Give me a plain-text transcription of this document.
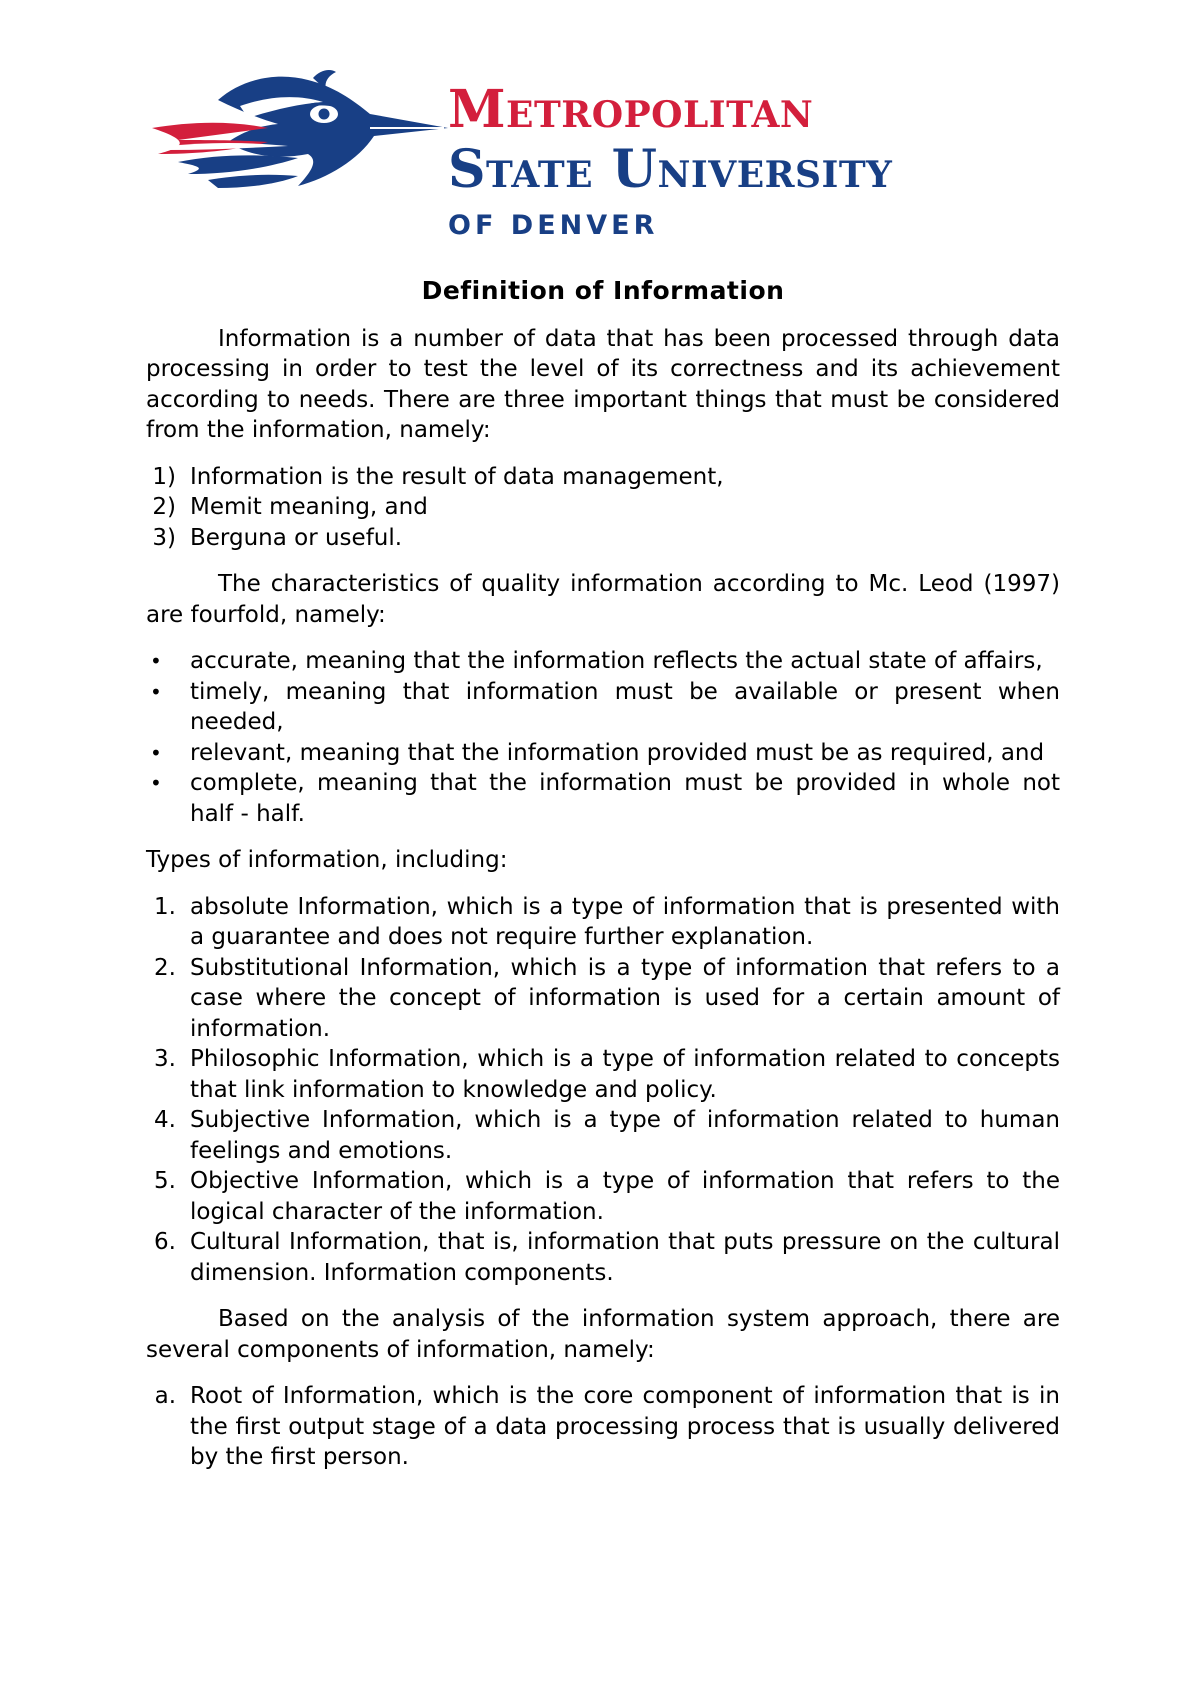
Metropolitan
State University
OF DENVER
Definition of Information

Information is a number of data that has been processed through data processing in order to test the level of its correctness and its achievement according to needs. There are three important things that must be considered from the information, namely:

1) Information is the result of data management,
2) Memit meaning, and
3) Berguna or useful.

The characteristics of quality information according to Mc. Leod (1997) are fourfold, namely:

•	accurate, meaning that the information reflects the actual state of affairs,
•	timely, meaning that information must be available or present when needed,
•	relevant, meaning that the information provided must be as required, and
•	complete, meaning that the information must be provided in whole not half - half.

Types of information, including:

1. absolute Information, which is a type of information that is presented with a guarantee and does not require further explanation.
2. Substitutional Information, which is a type of information that refers to a case where the concept of information is used for a certain amount of information.
3. Philosophic Information, which is a type of information related to concepts that link information to knowledge and policy.
4. Subjective Information, which is a type of information related to human feelings and emotions.
5. Objective Information, which is a type of information that refers to the logical character of the information.
6. Cultural Information, that is, information that puts pressure on the cultural dimension. Information components.

Based on the analysis of the information system approach, there are several components of information, namely:

a. Root of Information, which is the core component of information that is in the first output stage of a data processing process that is usually delivered by the first person.
